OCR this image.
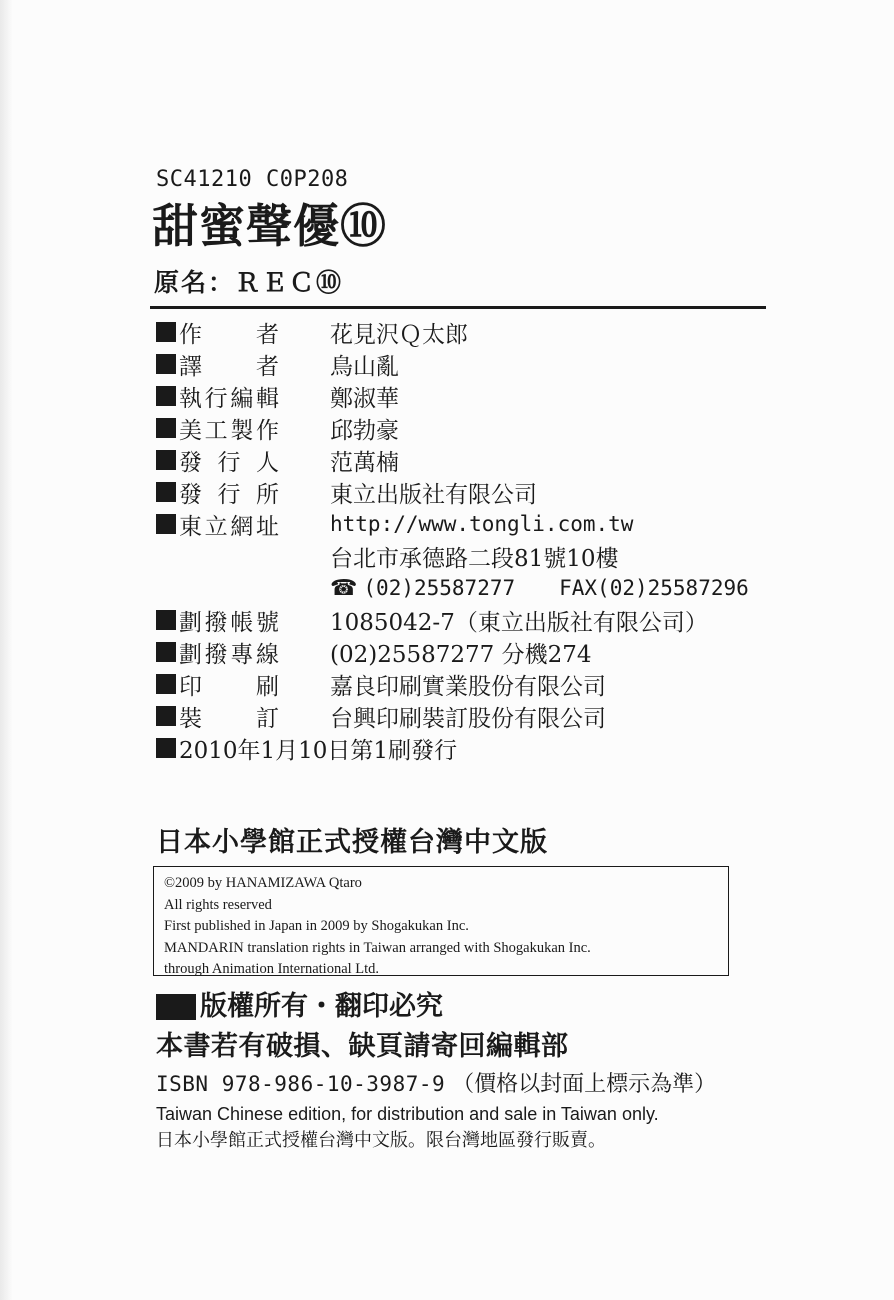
SC41210 C0P208
甜蜜聲優⑩
原名：ＲＥＣ⑩
作　　者 花見沢Ｑ太郎
譯　　者 鳥山亂
執行編輯 鄭淑華
美工製作 邱勃豪
發 行 人 范萬楠
發 行 所 東立出版社有限公司
東立網址 http://www.tongli.com.tw
台北市承德路二段81號10樓
☎ (02)25587277 FAX(02)25587296
劃撥帳號 1085042-7（東立出版社有限公司）
劃撥專線 (02)25587277 分機274
印　　刷 嘉良印刷實業股份有限公司
裝　　訂 台興印刷裝訂股份有限公司
2010年1月10日第1刷發行
日本小學館正式授權台灣中文版
©2009 by HANAMIZAWA Qtaro
All rights reserved
First published in Japan in 2009 by Shogakukan Inc.
MANDARIN translation rights in Taiwan arranged with Shogakukan Inc.
through Animation International Ltd.
版權所有・翻印必究
本書若有破損、缺頁請寄回編輯部
ISBN 978-986-10-3987-9 （價格以封面上標示為準）
Taiwan Chinese edition, for distribution and sale in Taiwan only.
日本小學館正式授權台灣中文版。限台灣地區發行販賣。
